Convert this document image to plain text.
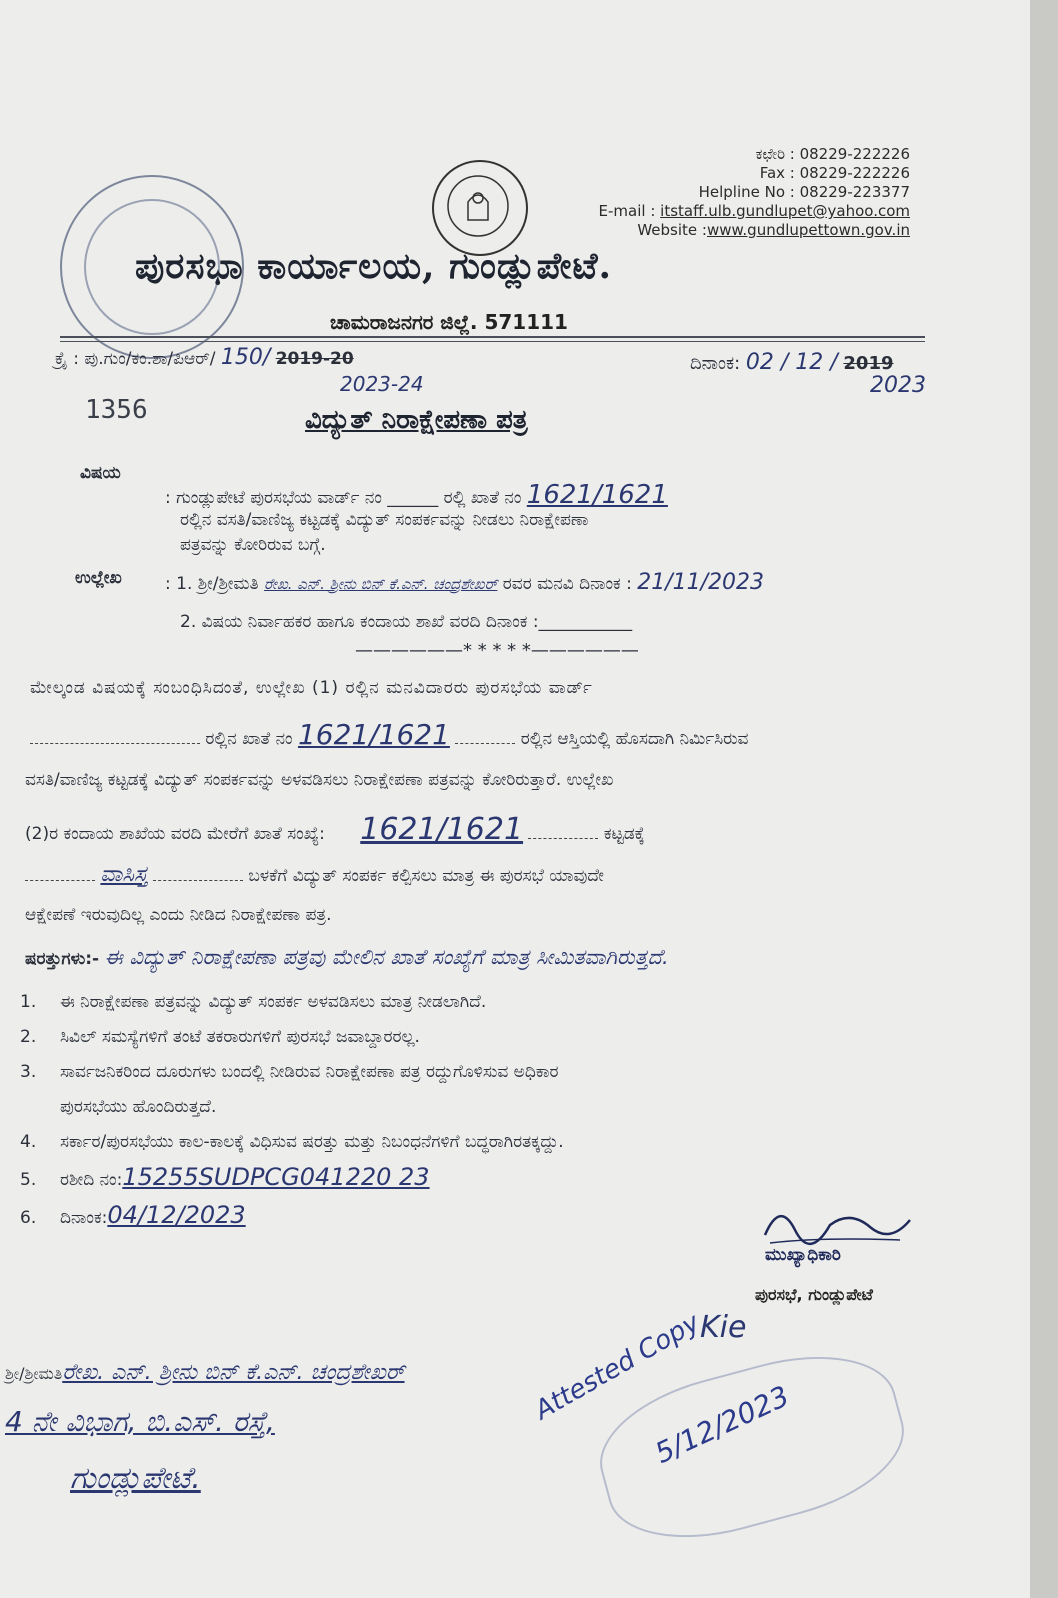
ಕಛೇರಿ : 08229-222226
Fax : 08229-222226
Helpline No : 08229-223377
E-mail : itstaff.ulb.gundlupet@yahoo.com
Website :www.gundlupettown.gov.in
ಪುರಸಭಾ ಕಾರ್ಯಾಲಯ, ಗುಂಡ್ಲುಪೇಟೆ.
ಚಾಮರಾಜನಗರ ಜಿಲ್ಲೆ. 571111
ಕ್ರೈ : ಪು.ಗುಂ/ಕಂ.ಶಾ/ಪಿಆರ್/ 150/ 2019-20
2023-24
ದಿನಾಂಕ: 02 / 12 / 2019
2023
1356	ವಿದ್ಯುತ್ ನಿರಾಕ್ಷೇಪಣಾ ಪತ್ರ
ವಿಷಯ
: ಗುಂಡ್ಲುಪೇಟೆ ಪುರಸಭೆಯ ವಾರ್ಡ್ ನಂ ______ ರಲ್ಲಿ ಖಾತೆ ನಂ 1621/1621
ರಲ್ಲಿನ ವಸತಿ/ವಾಣಿಜ್ಯ ಕಟ್ಟಡಕ್ಕೆ ವಿದ್ಯುತ್ ಸಂಪರ್ಕವನ್ನು ನೀಡಲು ನಿರಾಕ್ಷೇಪಣಾ
ಪತ್ರವನ್ನು ಕೋರಿರುವ ಬಗ್ಗೆ.
ಉಲ್ಲೇಖ	: 1. ಶ್ರೀ/ಶ್ರೀಮತಿ ರೇಖ. ಎನ್. ಶ್ರೀನು ಬಿನ್ ಕೆ.ಎನ್. ಚಂದ್ರಶೇಖರ್ ರವರ ಮನವಿ ದಿನಾಂಕ : 21/11/2023
2. ವಿಷಯ ನಿರ್ವಾಹಕರ ಹಾಗೂ ಕಂದಾಯ ಶಾಖೆ ವರದಿ ದಿನಾಂಕ :___________
——————* * * * *——————
ಮೇಲ್ಕಂಡ ವಿಷಯಕ್ಕೆ ಸಂಬಂಧಿಸಿದಂತೆ, ಉಲ್ಲೇಖ (1) ರಲ್ಲಿನ ಮನವಿದಾರರು ಪುರಸಭೆಯ ವಾರ್ಡ್
ರಲ್ಲಿನ ಖಾತೆ ನಂ 1621/1621	ರಲ್ಲಿನ ಆಸ್ತಿಯಲ್ಲಿ ಹೊಸದಾಗಿ ನಿರ್ಮಿಸಿರುವ
ವಸತಿ/ವಾಣಿಜ್ಯ ಕಟ್ಟಡಕ್ಕೆ ವಿದ್ಯುತ್ ಸಂಪರ್ಕವನ್ನು ಅಳವಡಿಸಲು ನಿರಾಕ್ಷೇಪಣಾ ಪತ್ರವನ್ನು ಕೋರಿರುತ್ತಾರೆ. ಉಲ್ಲೇಖ
(2)ರ ಕಂದಾಯ ಶಾಖೆಯ ವರದಿ ಮೇರೆಗೆ ಖಾತೆ ಸಂಖ್ಯೆ: 1621/1621	ಕಟ್ಟಡಕ್ಕೆ
ವಾಸಿಸ್ತ	ಬಳಕೆಗೆ ವಿದ್ಯುತ್ ಸಂಪರ್ಕ ಕಲ್ಪಿಸಲು ಮಾತ್ರ ಈ ಪುರಸಭೆ ಯಾವುದೇ
ಆಕ್ಷೇಪಣೆ ಇರುವುದಿಲ್ಲ ಎಂದು ನೀಡಿದ ನಿರಾಕ್ಷೇಪಣಾ ಪತ್ರ.
ಷರತ್ತುಗಳು:- ಈ ವಿದ್ಯುತ್ ನಿರಾಕ್ಷೇಪಣಾ ಪತ್ರವು ಮೇಲಿನ ಖಾತೆ ಸಂಖ್ಯೆಗೆ ಮಾತ್ರ ಸೀಮಿತವಾಗಿರುತ್ತದೆ.
1. ಈ ನಿರಾಕ್ಷೇಪಣಾ ಪತ್ರವನ್ನು ವಿದ್ಯುತ್ ಸಂಪರ್ಕ ಅಳವಡಿಸಲು ಮಾತ್ರ ನೀಡಲಾಗಿದೆ.
2. ಸಿವಿಲ್ ಸಮಸ್ಯೆಗಳಿಗೆ ತಂಟೆ ತಕರಾರುಗಳಿಗೆ ಪುರಸಭೆ ಜವಾಬ್ದಾರರಲ್ಲ.
3. ಸಾರ್ವಜನಿಕರಿಂದ ದೂರುಗಳು ಬಂದಲ್ಲಿ ನೀಡಿರುವ ನಿರಾಕ್ಷೇಪಣಾ ಪತ್ರ ರದ್ದುಗೊಳಿಸುವ ಅಧಿಕಾರ
ಪುರಸಭೆಯು ಹೊಂದಿರುತ್ತದೆ.
4. ಸರ್ಕಾರ/ಪುರಸಭೆಯು ಕಾಲ-ಕಾಲಕ್ಕೆ ವಿಧಿಸುವ ಷರತ್ತು ಮತ್ತು ನಿಬಂಧನೆಗಳಿಗೆ ಬದ್ಧರಾಗಿರತಕ್ಕದ್ದು.
5. ರಶೀದಿ ನಂ:15255SUDPCG041220 23
6. ದಿನಾಂಕ:04/12/2023
ಮುಖ್ಯಾಧಿಕಾರಿ
ಪುರಸಭೆ, ಗುಂಡ್ಲುಪೇಟೆ
Kie
ಶ್ರೀ/ಶ್ರೀಮತಿರೇಖ. ಎನ್. ಶ್ರೀನು ಬಿನ್ ಕೆ.ಎನ್. ಚಂದ್ರಶೇಖರ್
4 ನೇ ವಿಭಾಗ, ಬಿ.ಎಸ್. ರಸ್ತೆ,
ಗುಂಡ್ಲುಪೇಟೆ.
Attested Copy
5/12/2023
